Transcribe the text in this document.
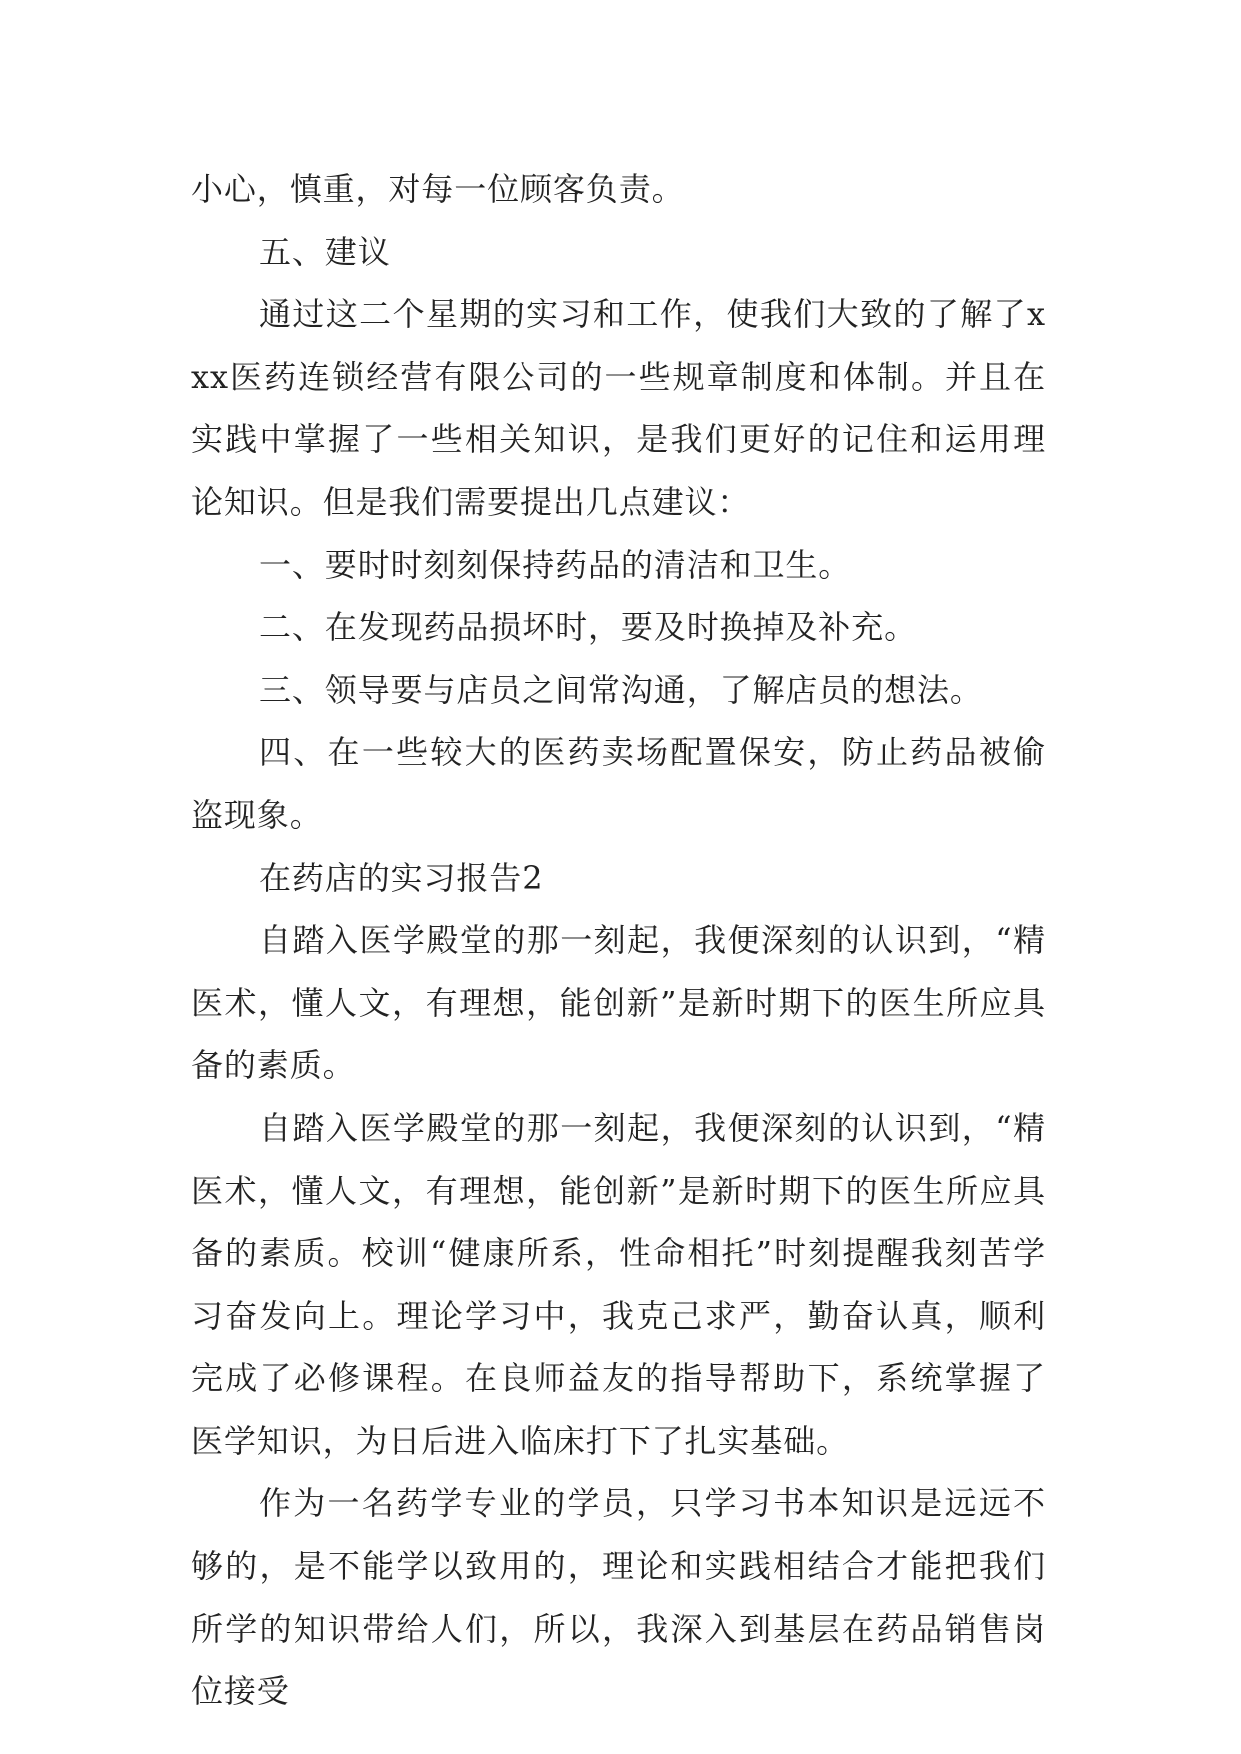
小心，慎重，对每一位顾客负责。

五、建议

通过这二个星期的实习和工作，使我们大致的了解了xxx医药连锁经营有限公司的一些规章制度和体制。并且在实践中掌握了一些相关知识，是我们更好的记住和运用理论知识。但是我们需要提出几点建议：

一、要时时刻刻保持药品的清洁和卫生。

二、在发现药品损坏时，要及时换掉及补充。

三、领导要与店员之间常沟通，了解店员的想法。

四、在一些较大的医药卖场配置保安，防止药品被偷盗现象。

在药店的实习报告2

自踏入医学殿堂的那一刻起，我便深刻的认识到，“精医术，懂人文，有理想，能创新”是新时期下的医生所应具备的素质。

自踏入医学殿堂的那一刻起，我便深刻的认识到，“精医术，懂人文，有理想，能创新”是新时期下的医生所应具备的素质。校训“健康所系，性命相托”时刻提醒我刻苦学习奋发向上。理论学习中，我克己求严，勤奋认真，顺利完成了必修课程。在良师益友的指导帮助下，系统掌握了医学知识，为日后进入临床打下了扎实基础。

作为一名药学专业的学员，只学习书本知识是远远不够的，是不能学以致用的，理论和实践相结合才能把我们所学的知识带给人们，所以，我深入到基层在药品销售岗位接受
